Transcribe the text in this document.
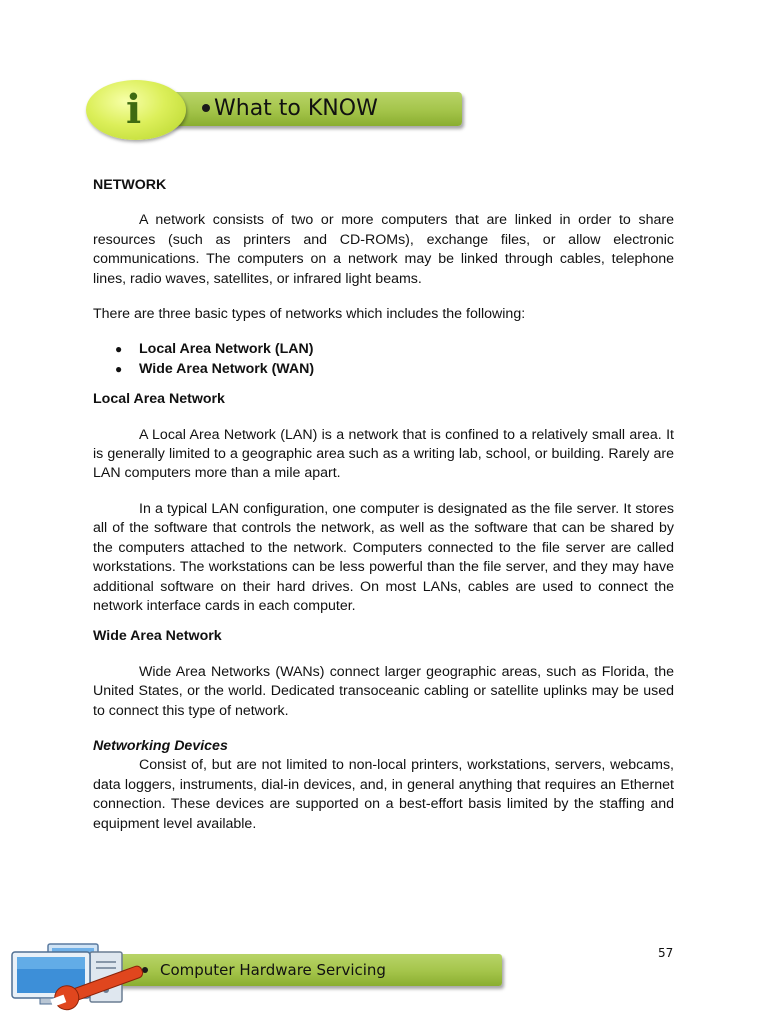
What to KNOW
i

NETWORK

A network consists of two or more computers that are linked in order to share resources (such as printers and CD-ROMs), exchange files, or allow electronic communications. The computers on a network may be linked through cables, telephone lines, radio waves, satellites, or infrared light beams.

There are three basic types of networks which includes the following:

● Local Area Network (LAN)
● Wide Area Network (WAN)

Local Area Network

A Local Area Network (LAN) is a network that is confined to a relatively small area. It is generally limited to a geographic area such as a writing lab, school, or building. Rarely are LAN computers more than a mile apart.

In a typical LAN configuration, one computer is designated as the file server. It stores all of the software that controls the network, as well as the software that can be shared by the computers attached to the network. Computers connected to the file server are called workstations. The workstations can be less powerful than the file server, and they may have additional software on their hard drives. On most LANs, cables are used to connect the network interface cards in each computer.

Wide Area Network

Wide Area Networks (WANs) connect larger geographic areas, such as Florida, the United States, or the world. Dedicated transoceanic cabling or satellite uplinks may be used to connect this type of network.

Networking Devices

Consist of, but are not limited to non-local printers, workstations, servers, webcams, data loggers, instruments, dial-in devices, and, in general anything that requires an Ethernet connection. These devices are supported on a best-effort basis limited by the staffing and equipment level available.

57
Computer Hardware Servicing
